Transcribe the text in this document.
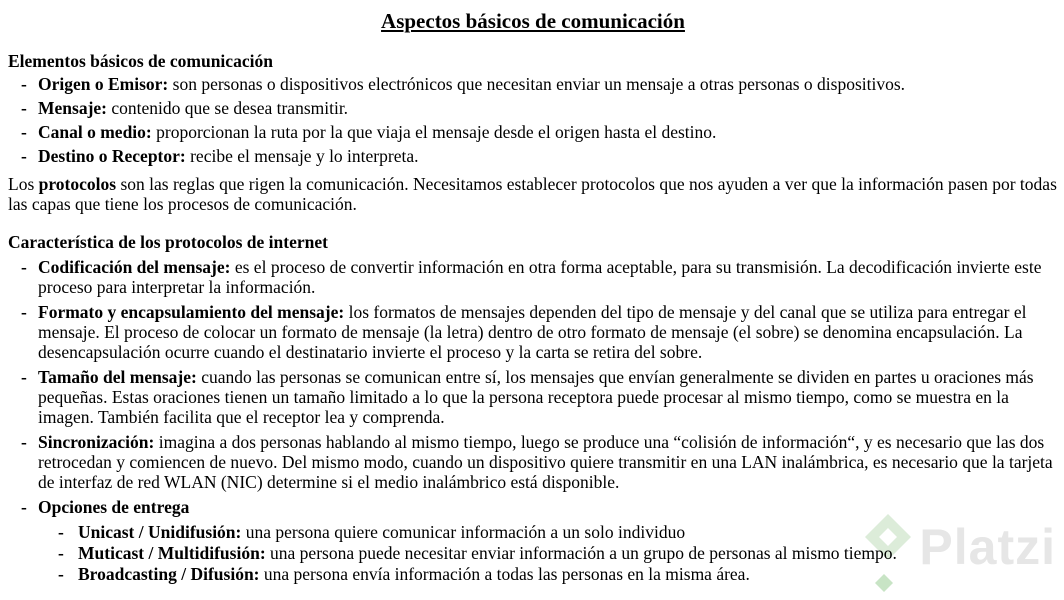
Platzi
Aspectos básicos de comunicación
Elementos básicos de comunicación
- Origen o Emisor: son personas o dispositivos electrónicos que necesitan enviar un mensaje a otras personas o dispositivos.
- Mensaje: contenido que se desea transmitir.
- Canal o medio: proporcionan la ruta por la que viaja el mensaje desde el origen hasta el destino.
- Destino o Receptor: recibe el mensaje y lo interpreta.
Los protocolos son las reglas que rigen la comunicación. Necesitamos establecer protocolos que nos ayuden a ver que la información pasen por todas las capas que tiene los procesos de comunicación.
Característica de los protocolos de internet
- Codificación del mensaje: es el proceso de convertir información en otra forma aceptable, para su transmisión. La decodificación invierte este proceso para interpretar la información.
- Formato y encapsulamiento del mensaje: los formatos de mensajes dependen del tipo de mensaje y del canal que se utiliza para entregar el mensaje. El proceso de colocar un formato de mensaje (la letra) dentro de otro formato de mensaje (el sobre) se denomina encapsulación. La desencapsulación ocurre cuando el destinatario invierte el proceso y la carta se retira del sobre.
- Tamaño del mensaje: cuando las personas se comunican entre sí, los mensajes que envían generalmente se dividen en partes u oraciones más pequeñas. Estas oraciones tienen un tamaño limitado a lo que la persona receptora puede procesar al mismo tiempo, como se muestra en la imagen. También facilita que el receptor lea y comprenda.
- Sincronización: imagina a dos personas hablando al mismo tiempo, luego se produce una “colisión de información“, y es necesario que las dos retrocedan y comiencen de nuevo. Del mismo modo, cuando un dispositivo quiere transmitir en una LAN inalámbrica, es necesario que la tarjeta de interfaz de red WLAN (NIC) determine si el medio inalámbrico está disponible.
- Opciones de entrega
- Unicast / Unidifusión: una persona quiere comunicar información a un solo individuo
- Muticast / Multidifusión: una persona puede necesitar enviar información a un grupo de personas al mismo tiempo.
- Broadcasting / Difusión: una persona envía información a todas las personas en la misma área.
